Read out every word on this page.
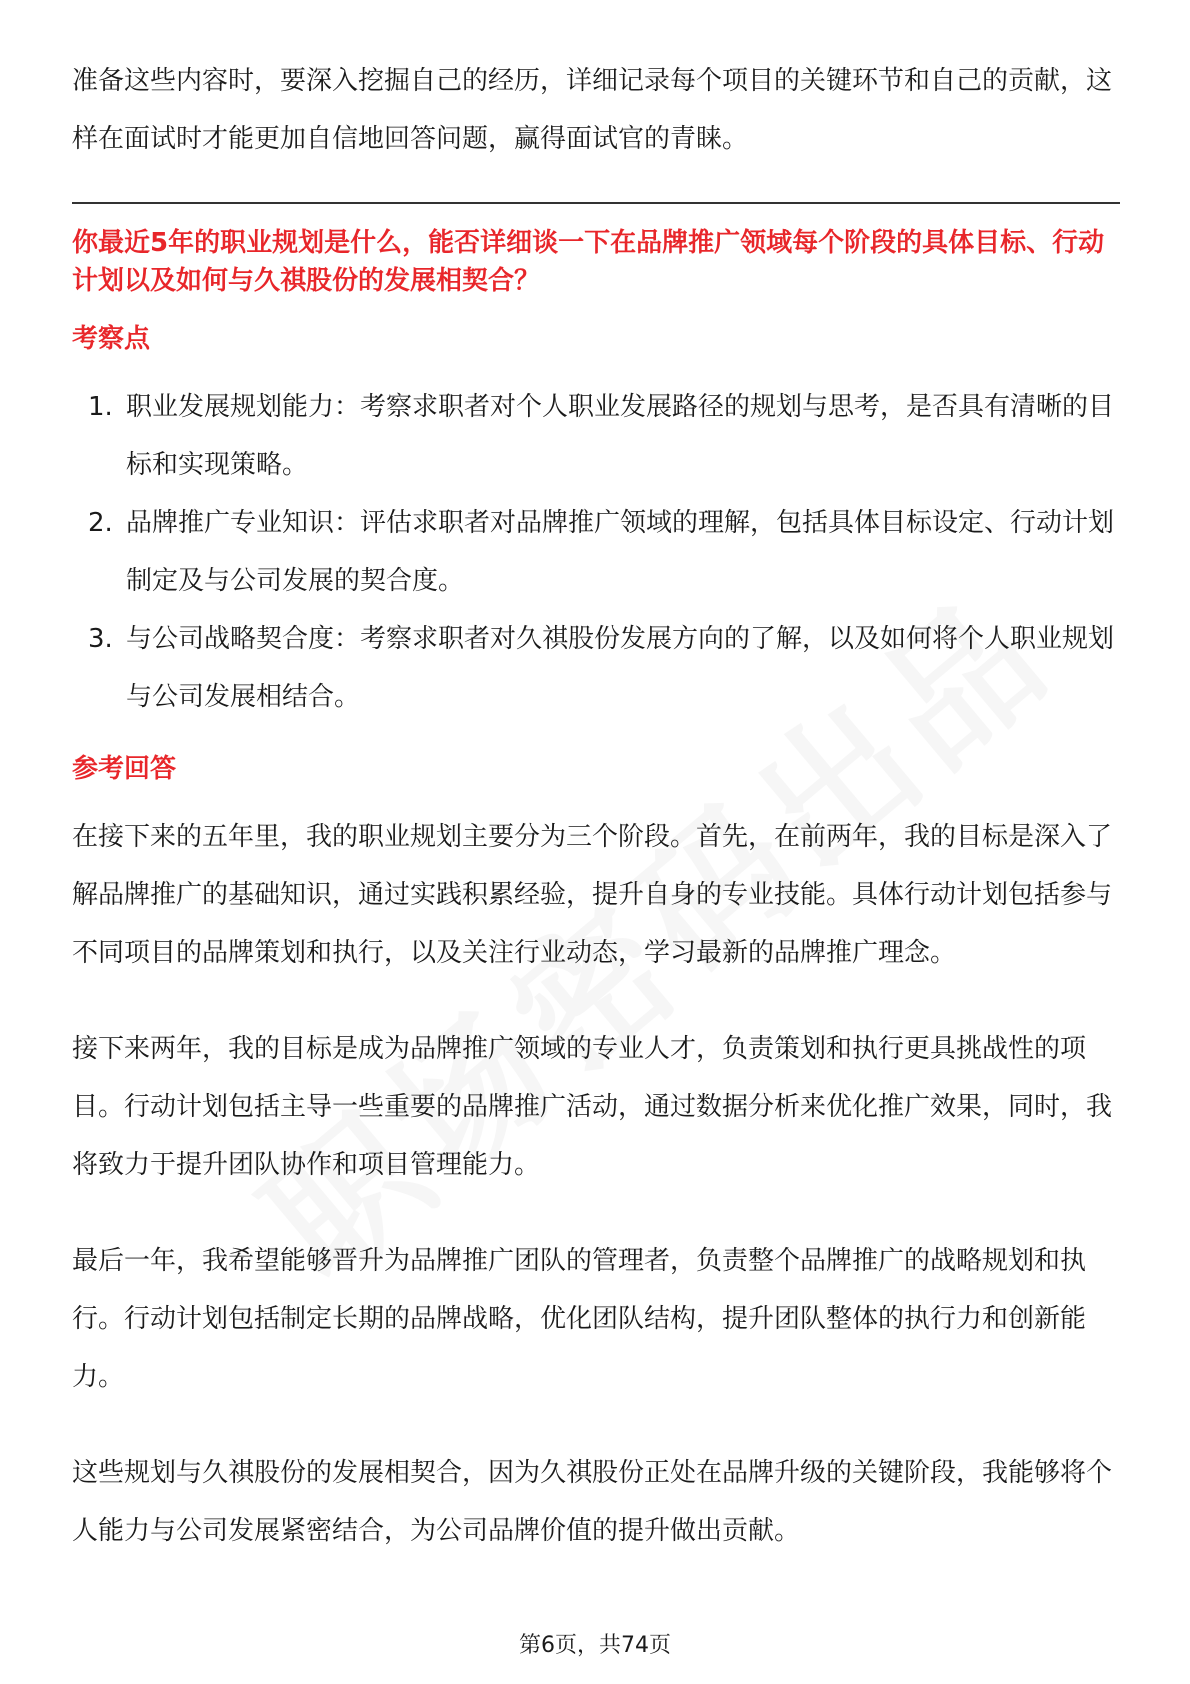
准备这些内容时，要深入挖掘自己的经历，详细记录每个项目的关键环节和自己的贡献，这样在面试时才能更加自信地回答问题，赢得面试官的青睐。

你最近5年的职业规划是什么，能否详细谈一下在品牌推广领域每个阶段的具体目标、行动计划以及如何与久祺股份的发展相契合？
考察点
1. 职业发展规划能力：考察求职者对个人职业发展路径的规划与思考，是否具有清晰的目标和实现策略。
2. 品牌推广专业知识：评估求职者对品牌推广领域的理解，包括具体目标设定、行动计划制定及与公司发展的契合度。
3. 与公司战略契合度：考察求职者对久祺股份发展方向的了解，以及如何将个人职业规划与公司发展相结合。
参考回答

在接下来的五年里，我的职业规划主要分为三个阶段。首先，在前两年，我的目标是深入了解品牌推广的基础知识，通过实践积累经验，提升自身的专业技能。具体行动计划包括参与不同项目的品牌策划和执行，以及关注行业动态，学习最新的品牌推广理念。

接下来两年，我的目标是成为品牌推广领域的专业人才，负责策划和执行更具挑战性的项目。行动计划包括主导一些重要的品牌推广活动，通过数据分析来优化推广效果，同时，我将致力于提升团队协作和项目管理能力。

最后一年，我希望能够晋升为品牌推广团队的管理者，负责整个品牌推广的战略规划和执行。行动计划包括制定长期的品牌战略，优化团队结构，提升团队整体的执行力和创新能力。

这些规划与久祺股份的发展相契合，因为久祺股份正处在品牌升级的关键阶段，我能够将个人能力与公司发展紧密结合，为公司品牌价值的提升做出贡献。

第6页，共74页
